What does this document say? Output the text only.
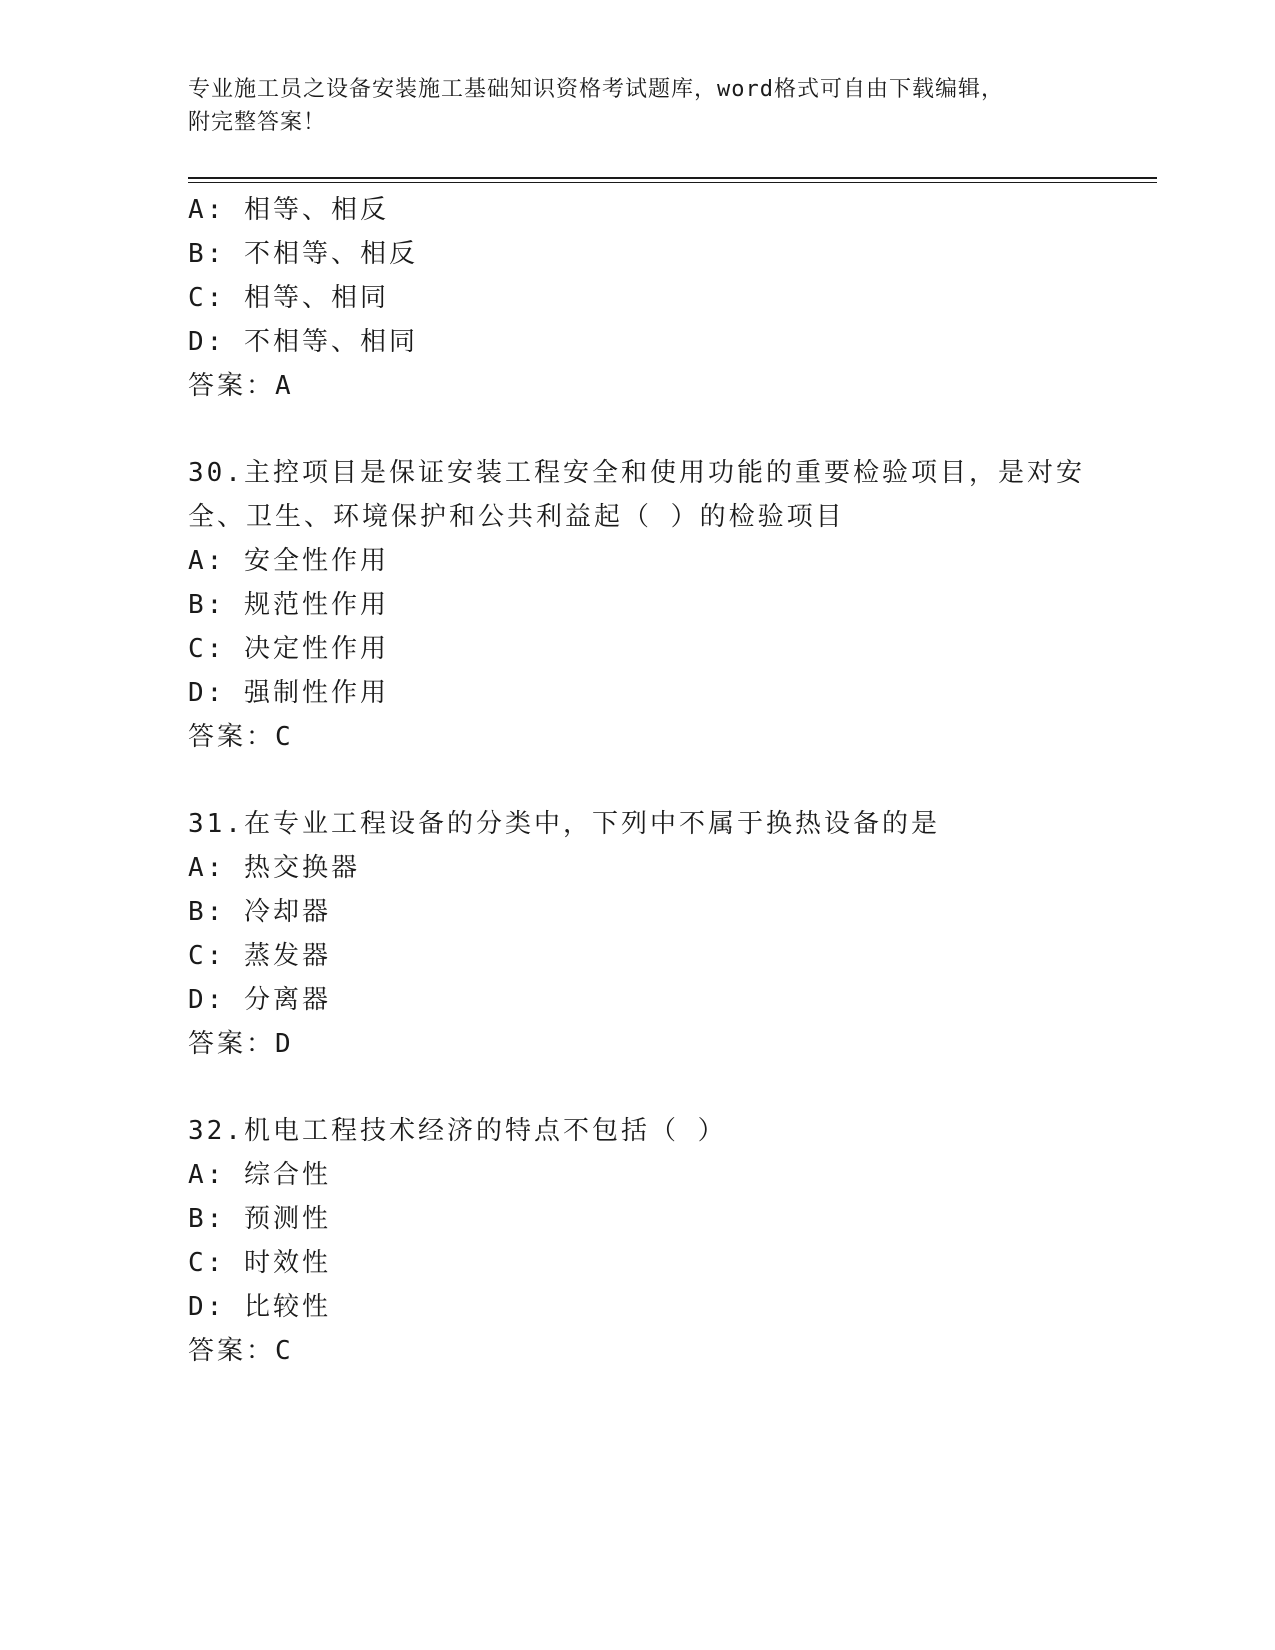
专业施工员之设备安装施工基础知识资格考试题库，word格式可自由下载编辑，
附完整答案！
A: 相等、相反
B: 不相等、相反
C: 相等、相同
D: 不相等、相同
答案：A
30.主控项目是保证安装工程安全和使用功能的重要检验项目，是对安
全、卫生、环境保护和公共利益起（ ）的检验项目
A: 安全性作用
B: 规范性作用
C: 决定性作用
D: 强制性作用
答案：C
31.在专业工程设备的分类中，下列中不属于换热设备的是
A: 热交换器
B: 冷却器
C: 蒸发器
D: 分离器
答案：D
32.机电工程技术经济的特点不包括（ ）
A: 综合性
B: 预测性
C: 时效性
D: 比较性
答案：C
